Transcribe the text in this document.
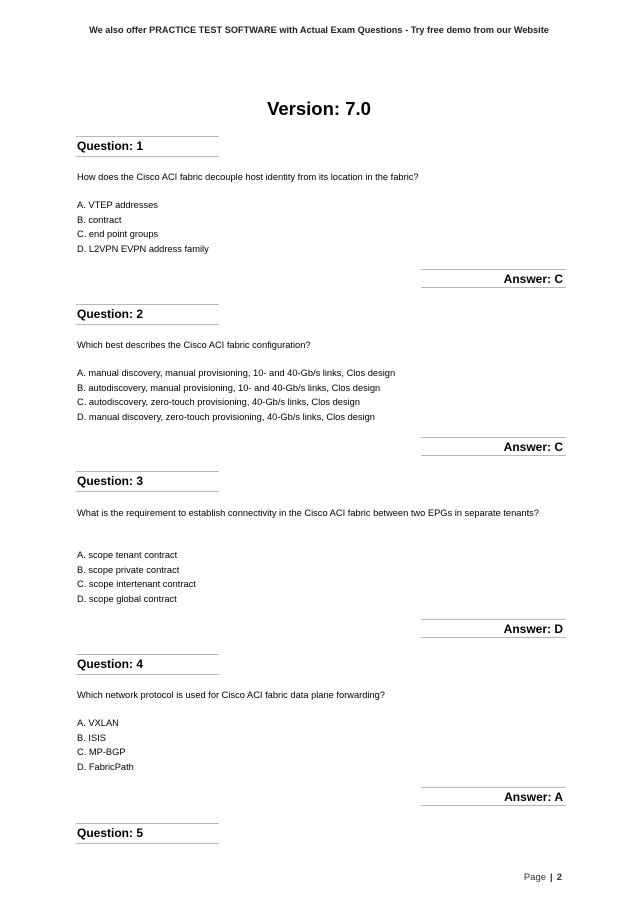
We also offer PRACTICE TEST SOFTWARE with Actual Exam Questions - Try free demo from our Website
Version: 7.0
Question: 1
How does the Cisco ACI fabric decouple host identity from its location in the fabric?
A. VTEP addresses
B. contract
C. end point groups
D. L2VPN EVPN address family
Answer: C
Question: 2
Which best describes the Cisco ACI fabric configuration?
A. manual discovery, manual provisioning, 10- and 40-Gb/s links, Clos design
B. autodiscovery, manual provisioning, 10- and 40-Gb/s links, Clos design
C. autodiscovery, zero-touch provisioning, 40-Gb/s links, Clos design
D. manual discovery, zero-touch provisioning, 40-Gb/s links, Clos design
Answer: C
Question: 3
What is the requirement to establish connectivity in the Cisco ACI fabric between two EPGs in separate tenants?
A. scope tenant contract
B. scope private contract
C. scope intertenant contract
D. scope global contract
Answer: D
Question: 4
Which network protocol is used for Cisco ACI fabric data plane forwarding?
A. VXLAN
B. ISIS
C. MP-BGP
D. FabricPath
Answer: A
Question: 5
Page | 2
